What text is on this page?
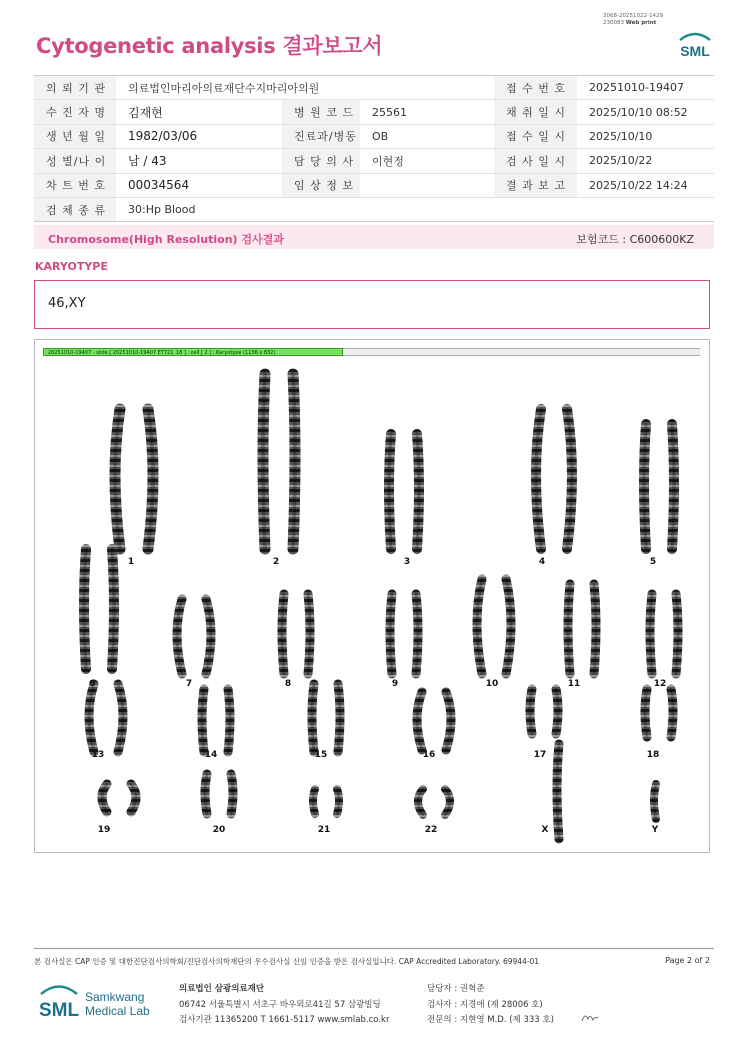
3068-20251022-1429
230083 Web print
Cytogenetic analysis 결과보고서	SML
의 뢰 기 관	의료법인마리아의료재단수지마리아의원			접 수 번 호	20251010-19407
수 진 자 명	김재현	병 원 코 드	25561	채 취 일 시	2025/10/10 08:52
생 년 월 일	1982/03/06	진료과/병동	OB	접 수 일 시	2025/10/10
성 별/나 이	남 / 43	담 당 의 사	이현정	검 사 일 시	2025/10/22
차 트 번 호	00034564	임 상 정 보		결 과 보 고	2025/10/22 14:24
검 체 종 류	30:Hp Blood				
Chromosome(High Resolution) 검사결과	보험코드 : C600600KZ
KARYOTYPE
46,XY
20251010-19407 - slide [ 20251010-19407 ET721_18 ] : cell [ 2 ] : Karyotype (1136 x 832)
1	2	3	4	5
6	7	8	9	10	11	12
13	14	15	16	17	18
19	20	21	22	X	Y
본 검사실은 CAP 인증 및 대한진단검사의학회/진단검사의학재단의 우수검사실 신임 인증을 받은 검사실입니다. CAP Accredited Laboratory. 69944-01	Page 2 of 2
SML
Samkwang
Medical Lab
의료법인 삼광의료재단
06742 서울특별시 서초구 바우뫼로41길 57 삼광빌딩
검사기관 11365200 T 1661-5117 www.smlab.co.kr
담당자 : 권혁준
검사자 : 지경애 (제 28006 호)
전문의 : 지현영 M.D. (제 333 호)
